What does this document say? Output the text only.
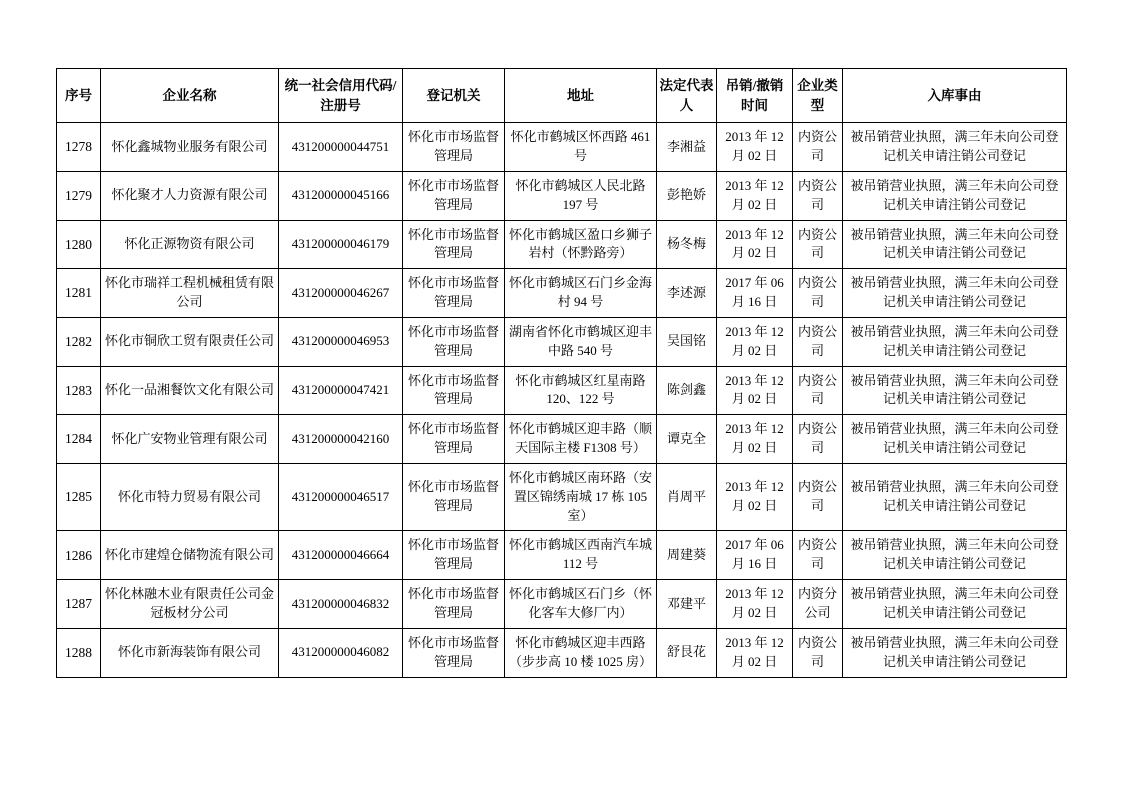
序号	企业名称	统一社会信用代码/注册号	登记机关	地址	法定代表人	吊销/撤销时间	企业类型	入库事由
1278	怀化鑫城物业服务有限公司	431200000044751	怀化市市场监督管理局	怀化市鹤城区怀西路 461 号	李湘益	2013 年 12 月 02 日	内资公司	被吊销营业执照，满三年未向公司登记机关申请注销公司登记
1279	怀化聚才人力资源有限公司	431200000045166	怀化市市场监督管理局	怀化市鹤城区人民北路 197 号	彭艳娇	2013 年 12 月 02 日	内资公司	被吊销营业执照，满三年未向公司登记机关申请注销公司登记
1280	怀化正源物资有限公司	431200000046179	怀化市市场监督管理局	怀化市鹤城区盈口乡狮子岩村（怀黔路旁）	杨冬梅	2013 年 12 月 02 日	内资公司	被吊销营业执照，满三年未向公司登记机关申请注销公司登记
1281	怀化市瑞祥工程机械租赁有限公司	431200000046267	怀化市市场监督管理局	怀化市鹤城区石门乡金海村 94 号	李述源	2017 年 06 月 16 日	内资公司	被吊销营业执照，满三年未向公司登记机关申请注销公司登记
1282	怀化市铜欣工贸有限责任公司	431200000046953	怀化市市场监督管理局	湖南省怀化市鹤城区迎丰中路 540 号	吴国铭	2013 年 12 月 02 日	内资公司	被吊销营业执照，满三年未向公司登记机关申请注销公司登记
1283	怀化一品湘餐饮文化有限公司	431200000047421	怀化市市场监督管理局	怀化市鹤城区红星南路 120、122 号	陈剑鑫	2013 年 12 月 02 日	内资公司	被吊销营业执照，满三年未向公司登记机关申请注销公司登记
1284	怀化广安物业管理有限公司	431200000042160	怀化市市场监督管理局	怀化市鹤城区迎丰路（顺天国际主楼 F1308 号）	谭克全	2013 年 12 月 02 日	内资公司	被吊销营业执照，满三年未向公司登记机关申请注销公司登记
1285	怀化市特力贸易有限公司	431200000046517	怀化市市场监督管理局	怀化市鹤城区南环路（安置区锦绣南城 17 栋 105 室）	肖周平	2013 年 12 月 02 日	内资公司	被吊销营业执照，满三年未向公司登记机关申请注销公司登记
1286	怀化市建煌仓储物流有限公司	431200000046664	怀化市市场监督管理局	怀化市鹤城区西南汽车城 112 号	周建葵	2017 年 06 月 16 日	内资公司	被吊销营业执照，满三年未向公司登记机关申请注销公司登记
1287	怀化林融木业有限责任公司金冠板材分公司	431200000046832	怀化市市场监督管理局	怀化市鹤城区石门乡（怀化客车大修厂内）	邓建平	2013 年 12 月 02 日	内资分公司	被吊销营业执照，满三年未向公司登记机关申请注销公司登记
1288	怀化市新海装饰有限公司	431200000046082	怀化市市场监督管理局	怀化市鹤城区迎丰西路（步步高 10 楼 1025 房）	舒艮花	2013 年 12 月 02 日	内资公司	被吊销营业执照，满三年未向公司登记机关申请注销公司登记
